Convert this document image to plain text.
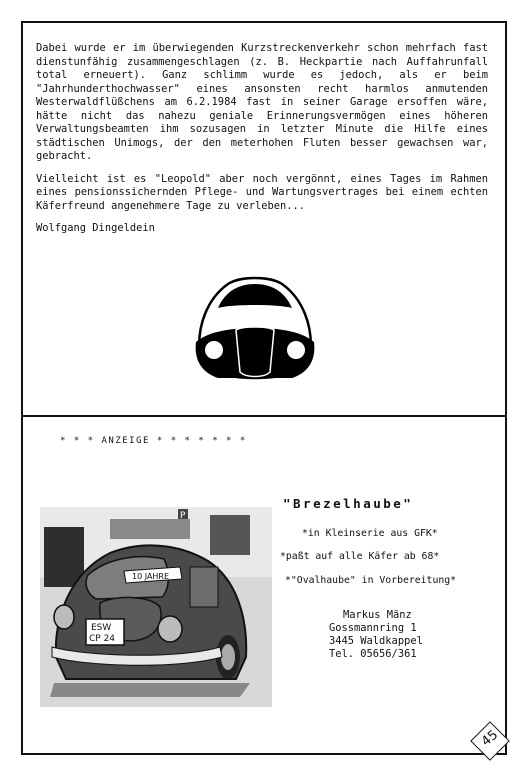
Dabei wurde er im überwiegenden Kurzstreckenverkehr schon mehrfach fast dienstunfähig zusammengeschlagen (z. B. Heckpartie nach Auffahrunfall total erneuert). Ganz schlimm wurde es jedoch, als er beim "Jahrhunderthochwasser" eines ansonsten recht harmlos anmutenden Westerwaldflüßchens am 6.2.1984 fast in seiner Garage ersoffen wäre, hätte nicht das nahezu geniale Erinnerungsvermögen eines höheren Verwaltungsbeamten ihm sozusagen in letzter Minute die Hilfe eines städtischen Unimogs, der den meterhohen Fluten besser gewachsen war, gebracht.

Vielleicht ist es "Leopold" aber noch vergönnt, eines Tages im Rahmen eines pensionssichernden Pflege- und Wartungsvertrages bei einem echten Käferfreund angenehmere Tage zu verleben...

Wolfgang Dingeldein

* * * ANZEIGE * * * * * * *
P
10 JAHRE
ESW
CP 24
"Brezelhaube"
*in Kleinserie aus GFK*
*paßt auf alle Käfer ab 68*
*"Ovalhaube" in Vorbereitung*
Markus Mänz
Gossmannring 1
3445 Waldkappel
Tel. 05656/361
45
